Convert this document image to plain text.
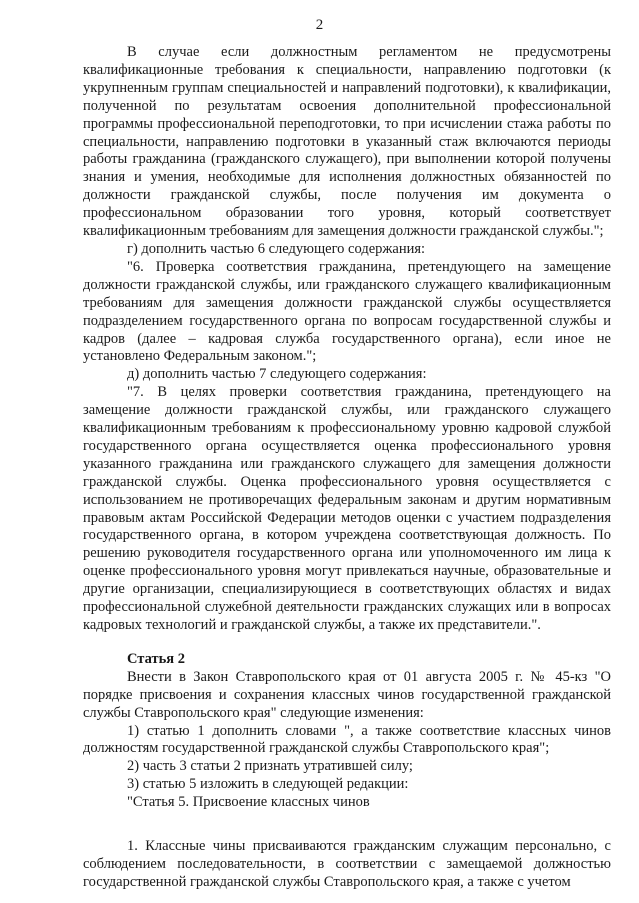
2

В случае если должностным регламентом не предусмотрены квалификационные требования к специальности, направлению подготовки (к укрупненным группам специальностей и направлений подготовки), к квалификации, полученной по результатам освоения дополнительной профессиональной программы профессиональной переподготовки, то при исчислении стажа работы по специальности, направлению подготовки в указанный стаж включаются периоды работы гражданина (гражданского служащего), при выполнении которой получены знания и умения, необходимые для исполнения должностных обязанностей по должности гражданской службы, после получения им документа о профессиональном образовании того уровня, который соответствует квалификационным требованиям для замещения должности гражданской службы.";

г) дополнить частью 6 следующего содержания:

"6. Проверка соответствия гражданина, претендующего на замещение должности гражданской службы, или гражданского служащего квалификационным требованиям для замещения должности гражданской службы осуществляется подразделением государственного органа по вопросам государственной службы и кадров (далее – кадровая служба государственного органа), если иное не установлено Федеральным законом.";

д) дополнить частью 7 следующего содержания:

"7. В целях проверки соответствия гражданина, претендующего на замещение должности гражданской службы, или гражданского служащего квалификационным требованиям к профессиональному уровню кадровой службой государственного органа осуществляется оценка профессионального уровня указанного гражданина или гражданского служащего для замещения должности гражданской службы. Оценка профессионального уровня осуществляется с использованием не противоречащих федеральным законам и другим нормативным правовым актам Российской Федерации методов оценки с участием подразделения государственного органа, в котором учреждена соответствующая должность. По решению руководителя государственного органа или уполномоченного им лица к оценке профессионального уровня могут привлекаться научные, образовательные и другие организации, специализирующиеся в соответствующих областях и видах профессиональной служебной деятельности гражданских служащих или в вопросах кадровых технологий и гражданской службы, а также их представители.".

Статья 2

Внести в Закон Ставропольского края от 01 августа 2005 г. № 45-кз "О порядке присвоения и сохранения классных чинов государственной гражданской службы Ставропольского края" следующие изменения:

1) статью 1 дополнить словами ", а также соответствие классных чинов должностям государственной гражданской службы Ставропольского края";

2) часть 3 статьи 2 признать утратившей силу;

3) статью 5 изложить в следующей редакции:

"Статья 5. Присвоение классных чинов

1. Классные чины присваиваются гражданским служащим персонально, с соблюдением последовательности, в соответствии с замещаемой должностью государственной гражданской службы Ставропольского края, а также с учетом
